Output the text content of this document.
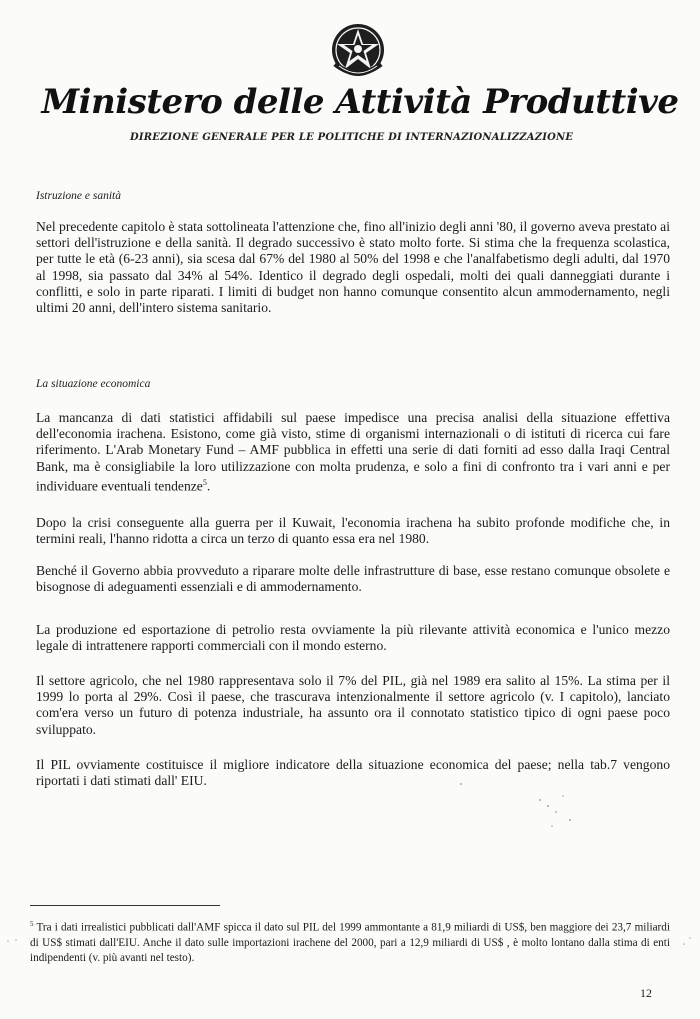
Ministero delle Attività Produttive
DIREZIONE GENERALE PER LE POLITICHE DI INTERNAZIONALIZZAZIONE
Istruzione e sanità
Nel precedente capitolo è stata sottolineata l'attenzione che, fino all'inizio degli anni '80, il governo aveva prestato ai settori dell'istruzione e della sanità. Il degrado successivo è stato molto forte. Si stima che la frequenza scolastica, per tutte le età (6-23 anni), sia scesa dal 67% del 1980 al 50% del 1998 e che l'analfabetismo degli adulti, dal 1970 al 1998, sia passato dal 34% al 54%. Identico il degrado degli ospedali, molti dei quali danneggiati durante i conflitti, e solo in parte riparati. I limiti di budget non hanno comunque consentito alcun ammodernamento, negli ultimi 20 anni, dell'intero sistema sanitario.
La situazione economica
La mancanza di dati statistici affidabili sul paese impedisce una precisa analisi della situazione effettiva dell'economia irachena. Esistono, come già visto, stime di organismi internazionali o di istituti di ricerca cui fare riferimento. L'Arab Monetary Fund – AMF pubblica in effetti una serie di dati forniti ad esso dalla Iraqi Central Bank, ma è consigliabile la loro utilizzazione con molta prudenza, e solo a fini di confronto tra i vari anni e per individuare eventuali tendenze$^5$.
Dopo la crisi conseguente alla guerra per il Kuwait, l'economia irachena ha subito profonde modifiche che, in termini reali, l'hanno ridotta a circa un terzo di quanto essa era nel 1980.
Benché il Governo abbia provveduto a riparare molte delle infrastrutture di base, esse restano comunque obsolete e bisognose di adeguamenti essenziali e di ammodernamento.
La produzione ed esportazione di petrolio resta ovviamente la più rilevante attività economica e l'unico mezzo legale di intrattenere rapporti commerciali con il mondo esterno.
Il settore agricolo, che nel 1980 rappresentava solo il 7% del PIL, già nel 1989 era salito al 15%. La stima per il 1999 lo porta al 29%. Così il paese, che trascurava intenzionalmente il settore agricolo (v. I capitolo), lanciato com'era verso un futuro di potenza industriale, ha assunto ora il connotato statistico tipico di ogni paese poco sviluppato.
Il PIL ovviamente costituisce il migliore indicatore della situazione economica del paese; nella tab.7 vengono riportati i dati stimati dall' EIU.
$^5$ Tra i dati irrealistici pubblicati dall'AMF spicca il dato sul PIL del 1999 ammontante a 81,9 miliardi di US$, ben maggiore dei 23,7 miliardi di US$ stimati dall'EIU. Anche il dato sulle importazioni irachene del 2000, pari a 12,9 miliardi di US$ , è molto lontano dalla stima di enti indipendenti (v. più avanti nel testo).
12
